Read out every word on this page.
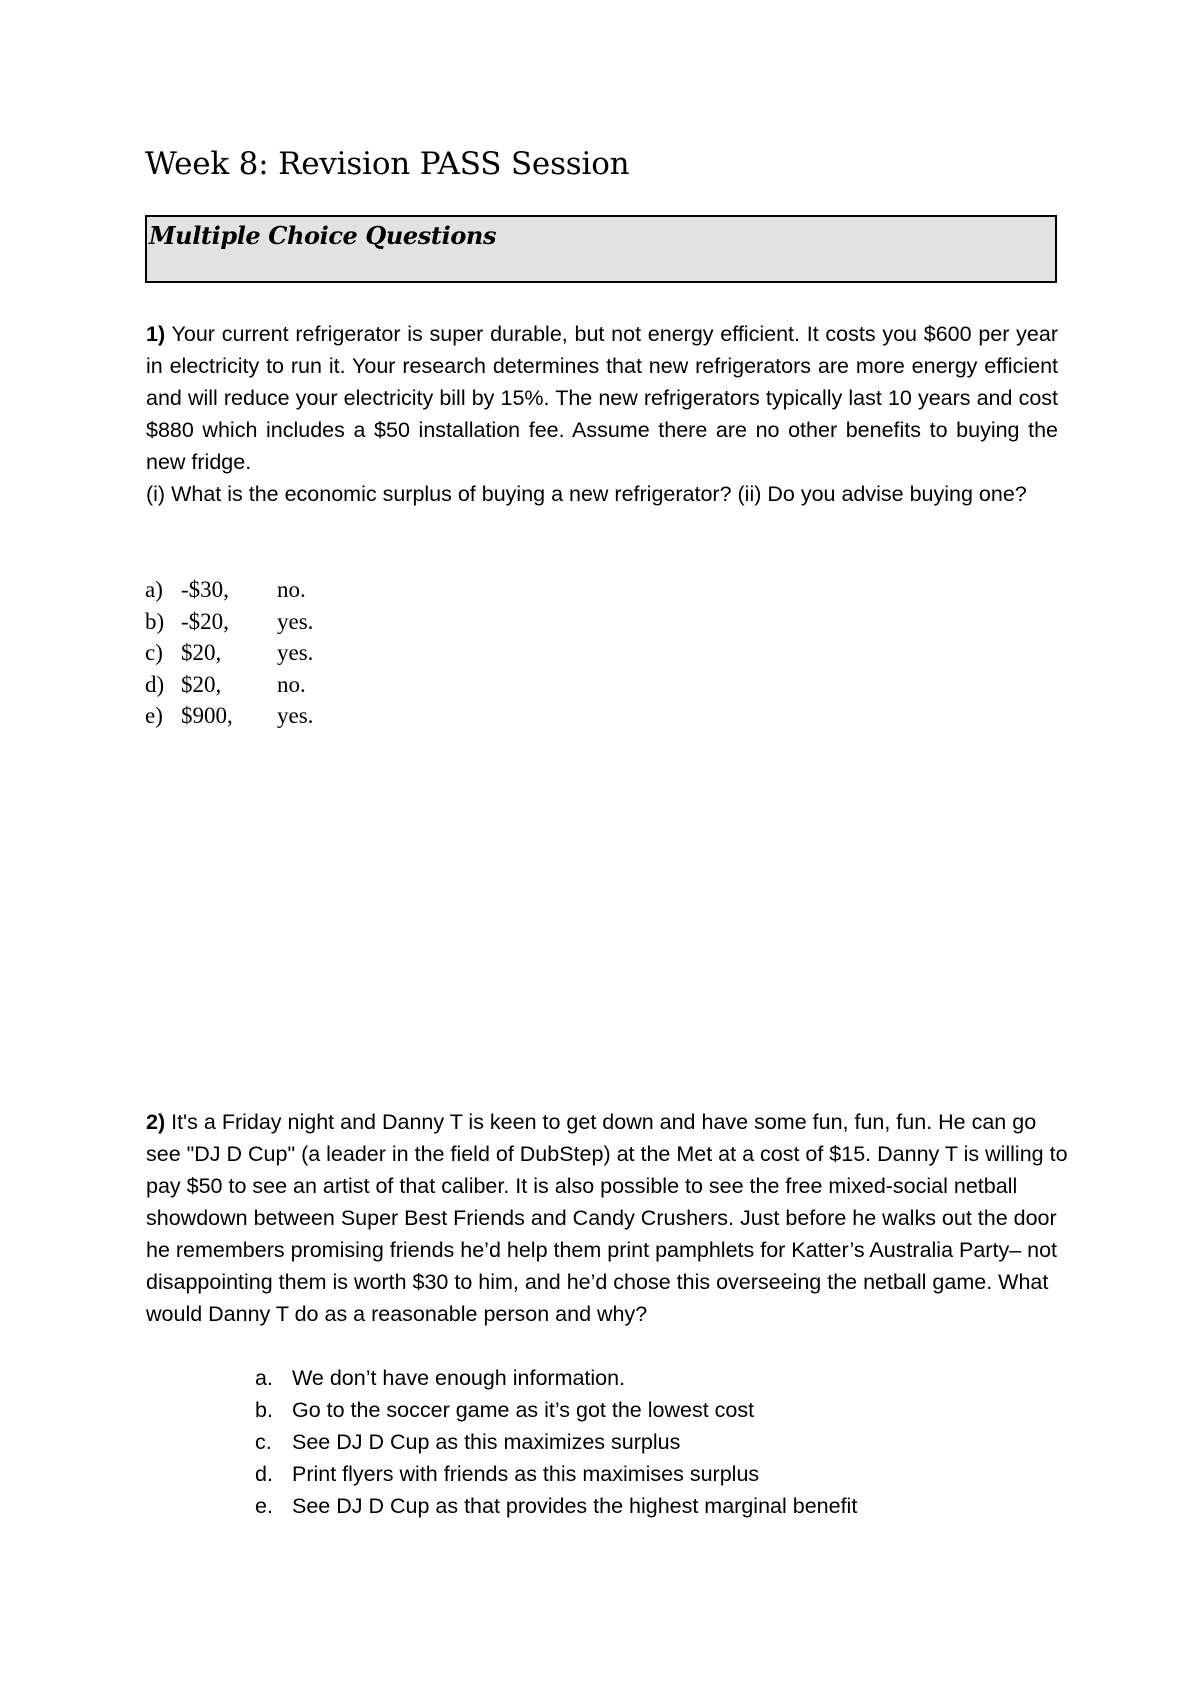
Week 8: Revision PASS Session
Multiple Choice Questions
1) Your current refrigerator is super durable, but not energy efficient. It costs you $600 per year in electricity to run it. Your research determines that new refrigerators are more energy efficient and will reduce your electricity bill by 15%. The new refrigerators typically last 10 years and cost $880 which includes a $50 installation fee. Assume there are no other benefits to buying the new fridge.
(i) What is the economic surplus of buying a new refrigerator? (ii) Do you advise buying one?
a) -$30,	no.
b) -$20,	yes.
c) $20,	yes.
d) $20,	no.
e) $900,	yes.
2) It's a Friday night and Danny T is keen to get down and have some fun, fun, fun. He can go see "DJ D Cup" (a leader in the field of DubStep) at the Met at a cost of $15. Danny T is willing to pay $50 to see an artist of that caliber. It is also possible to see the free mixed-social netball showdown between Super Best Friends and Candy Crushers. Just before he walks out the door he remembers promising friends he’d help them print pamphlets for Katter’s Australia Party– not disappointing them is worth $30 to him, and he’d chose this overseeing the netball game. What would Danny T do as a reasonable person and why?
a. We don’t have enough information.
b. Go to the soccer game as it’s got the lowest cost
c. See DJ D Cup as this maximizes surplus
d. Print flyers with friends as this maximises surplus
e. See DJ D Cup as that provides the highest marginal benefit
